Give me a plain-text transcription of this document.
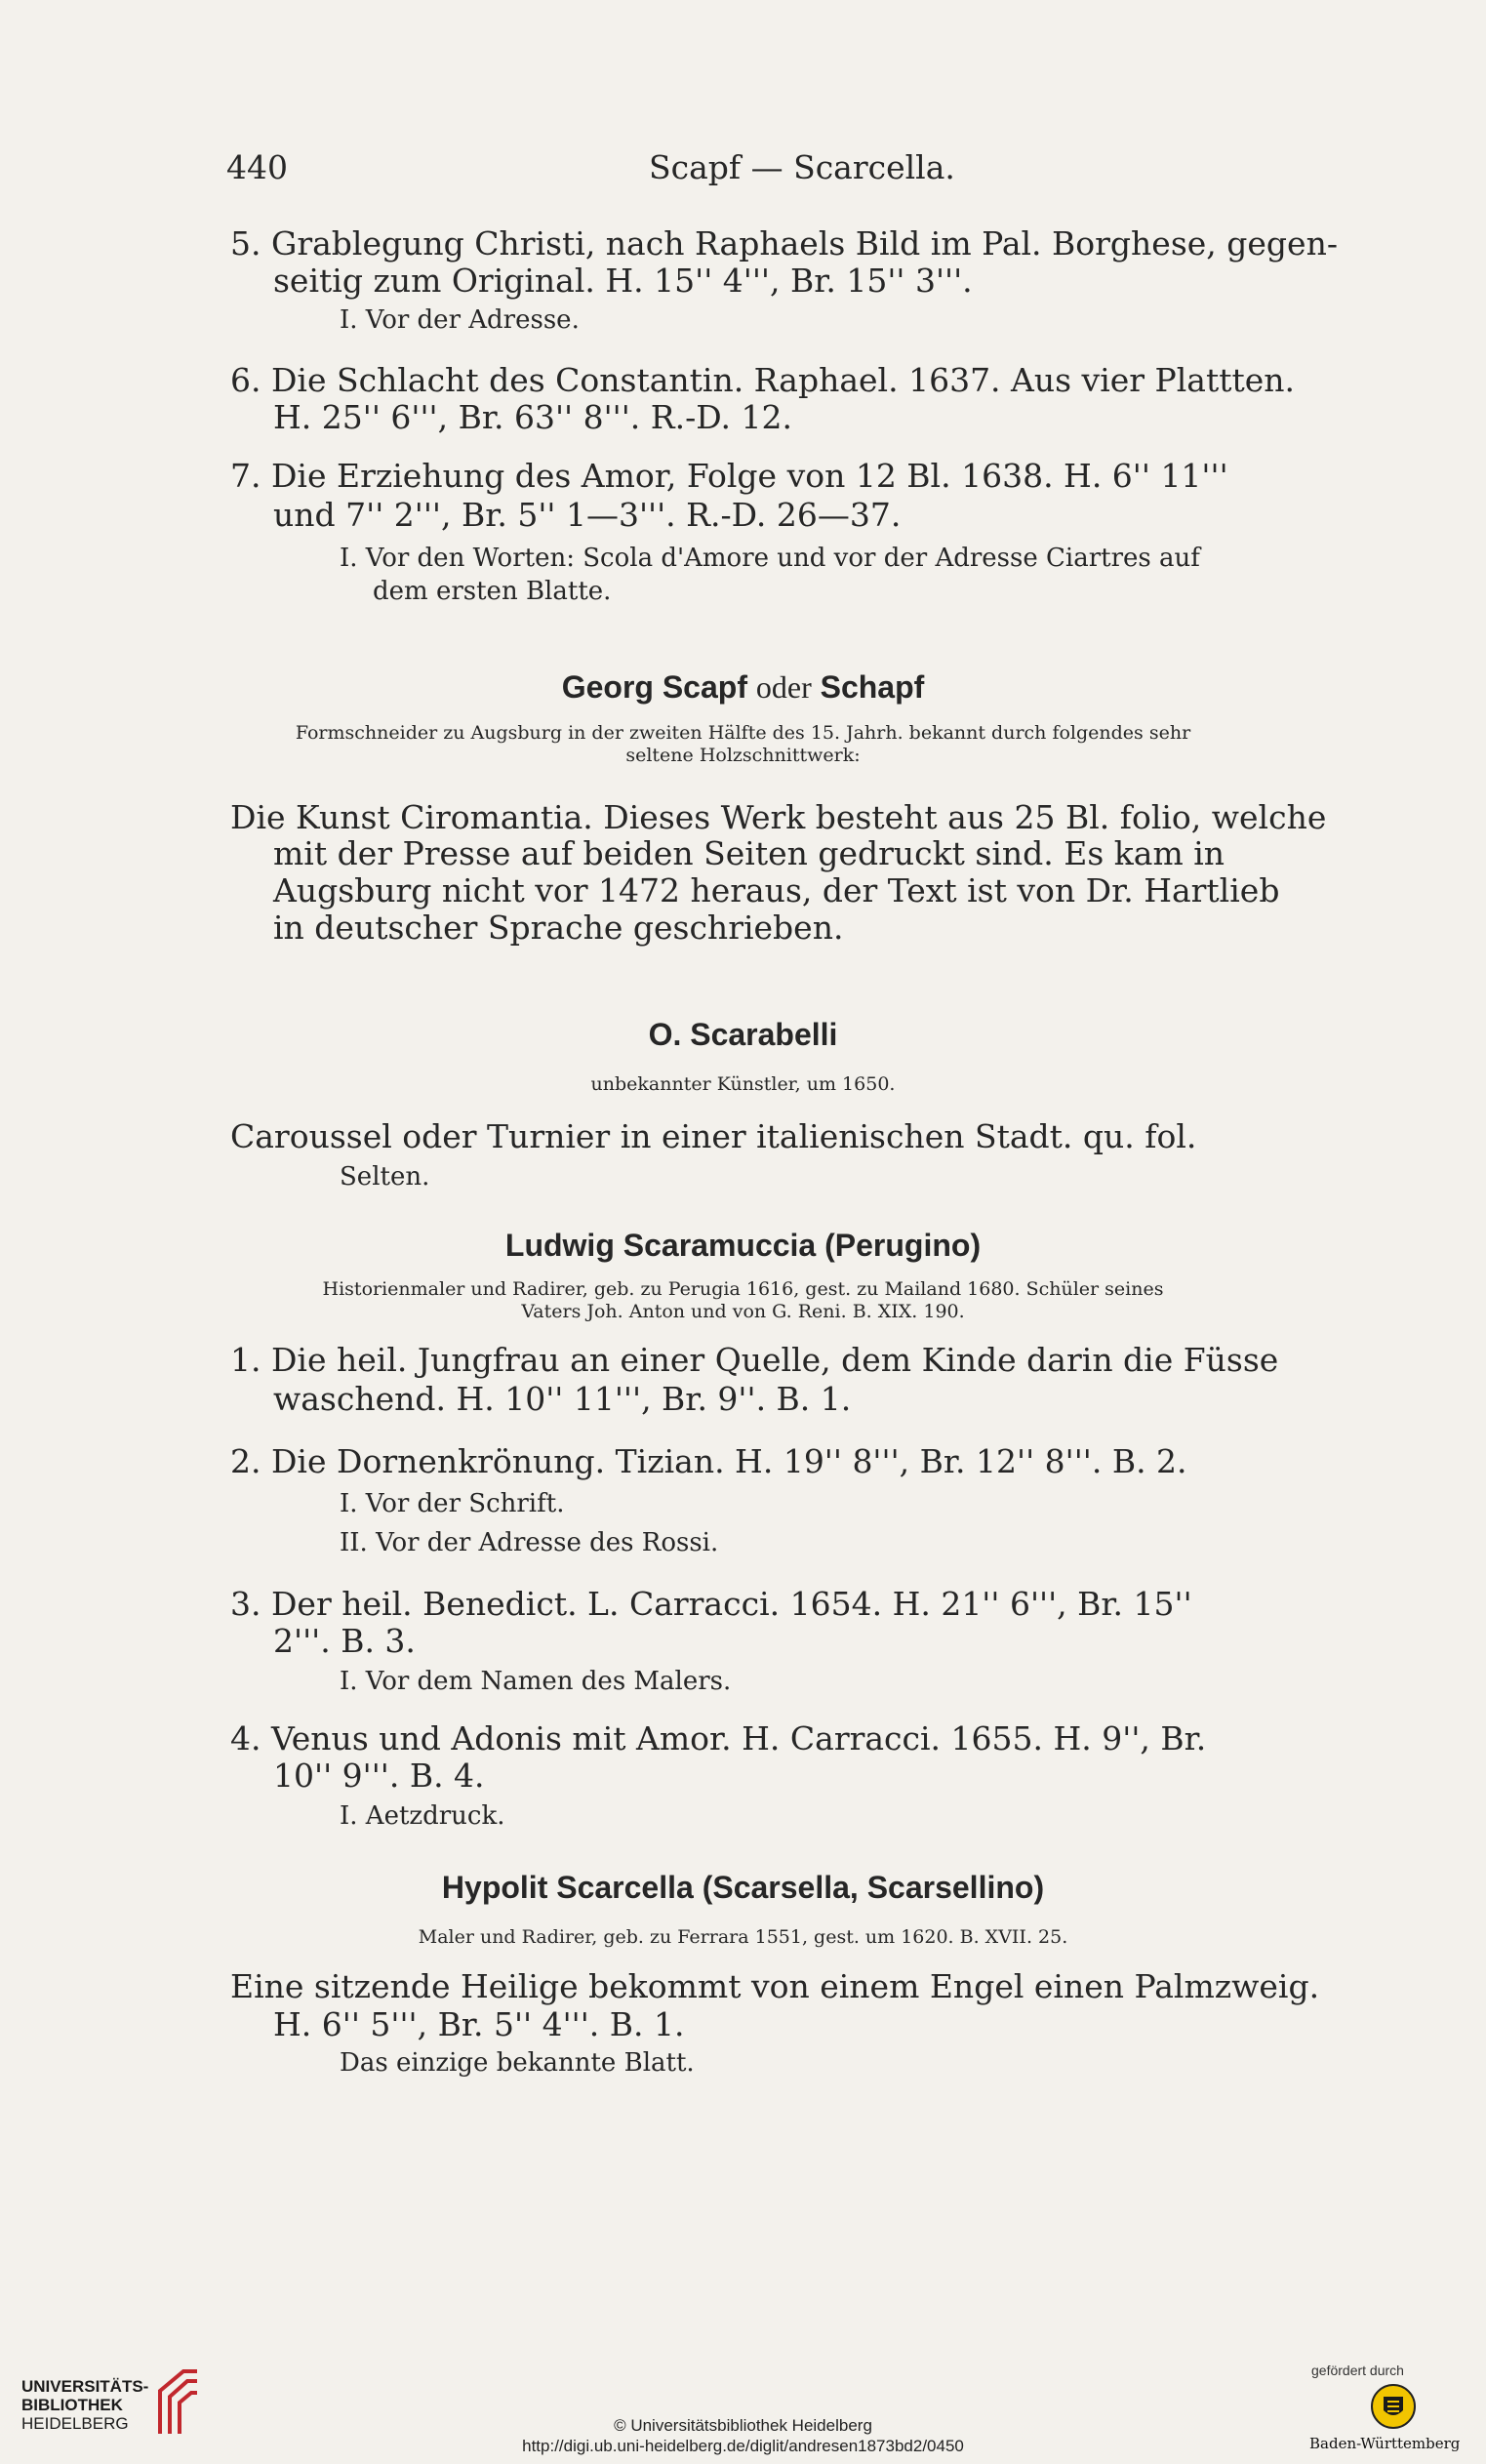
440	Scapf — Scarcella.
5. Grablegung Christi, nach Raphaels Bild im Pal. Borghese, gegen-
seitig zum Original. H. 15'' 4''', Br. 15'' 3'''.
I. Vor der Adresse.
6. Die Schlacht des Constantin. Raphael. 1637. Aus vier Plattten.
H. 25'' 6''', Br. 63'' 8'''. R.-D. 12.
7. Die Erziehung des Amor, Folge von 12 Bl. 1638. H. 6'' 11'''
und 7'' 2''', Br. 5'' 1—3'''. R.-D. 26—37.
I. Vor den Worten: Scola d'Amore und vor der Adresse Ciartres auf
dem ersten Blatte.
Georg Scapf oder Schapf
Formschneider zu Augsburg in der zweiten Hälfte des 15. Jahrh. bekannt durch folgendes sehr
seltene Holzschnittwerk:
Die Kunst Ciromantia. Dieses Werk besteht aus 25 Bl. folio, welche
mit der Presse auf beiden Seiten gedruckt sind. Es kam in
Augsburg nicht vor 1472 heraus, der Text ist von Dr. Hartlieb
in deutscher Sprache geschrieben.
O. Scarabelli
unbekannter Künstler, um 1650.
Caroussel oder Turnier in einer italienischen Stadt. qu. fol.
Selten.
Ludwig Scaramuccia (Perugino)
Historienmaler und Radirer, geb. zu Perugia 1616, gest. zu Mailand 1680. Schüler seines
Vaters Joh. Anton und von G. Reni. B. XIX. 190.
1. Die heil. Jungfrau an einer Quelle, dem Kinde darin die Füsse
waschend. H. 10'' 11''', Br. 9''. B. 1.
2. Die Dornenkrönung. Tizian. H. 19'' 8''', Br. 12'' 8'''. B. 2.
I. Vor der Schrift.
II. Vor der Adresse des Rossi.
3. Der heil. Benedict. L. Carracci. 1654. H. 21'' 6''', Br. 15''
2'''. B. 3.
I. Vor dem Namen des Malers.
4. Venus und Adonis mit Amor. H. Carracci. 1655. H. 9'', Br.
10'' 9'''. B. 4.
I. Aetzdruck.
Hypolit Scarcella (Scarsella, Scarsellino)
Maler und Radirer, geb. zu Ferrara 1551, gest. um 1620. B. XVII. 25.
Eine sitzende Heilige bekommt von einem Engel einen Palmzweig.
H. 6'' 5''', Br. 5'' 4'''. B. 1.
Das einzige bekannte Blatt.
UNIVERSITÄTS-
BIBLIOTHEK
HEIDELBERG	© Universitätsbibliothek Heidelberg
http://digi.ub.uni-heidelberg.de/diglit/andresen1873bd2/0450
gefördert durch
Baden-Württemberg
